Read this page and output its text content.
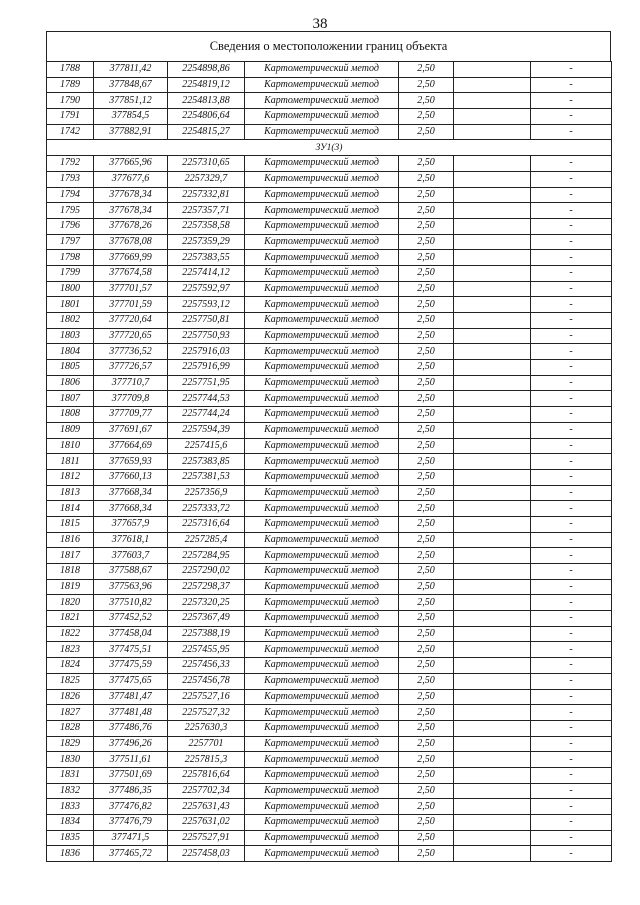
38
Сведения о местоположении границ объекта
1788	377811,42	2254898,86	Картометрический метод	2,50		-
1789	377848,67	2254819,12	Картометрический метод	2,50		-
1790	377851,12	2254813,88	Картометрический метод	2,50		-
1791	377854,5	2254806,64	Картометрический метод	2,50		-
1742	377882,91	2254815,27	Картометрический метод	2,50		-
ЗУ1(3)						
1792	377665,96	2257310,65	Картометрический метод	2,50		-
1793	377677,6	2257329,7	Картометрический метод	2,50		-
1794	377678,34	2257332,81	Картометрический метод	2,50		-
1795	377678,34	2257357,71	Картометрический метод	2,50		-
1796	377678,26	2257358,58	Картометрический метод	2,50		-
1797	377678,08	2257359,29	Картометрический метод	2,50		-
1798	377669,99	2257383,55	Картометрический метод	2,50		-
1799	377674,58	2257414,12	Картометрический метод	2,50		-
1800	377701,57	2257592,97	Картометрический метод	2,50		-
1801	377701,59	2257593,12	Картометрический метод	2,50		-
1802	377720,64	2257750,81	Картометрический метод	2,50		-
1803	377720,65	2257750,93	Картометрический метод	2,50		-
1804	377736,52	2257916,03	Картометрический метод	2,50		-
1805	377726,57	2257916,99	Картометрический метод	2,50		-
1806	377710,7	2257751,95	Картометрический метод	2,50		-
1807	377709,8	2257744,53	Картометрический метод	2,50		-
1808	377709,77	2257744,24	Картометрический метод	2,50		-
1809	377691,67	2257594,39	Картометрический метод	2,50		-
1810	377664,69	2257415,6	Картометрический метод	2,50		-
1811	377659,93	2257383,85	Картометрический метод	2,50		-
1812	377660,13	2257381,53	Картометрический метод	2,50		-
1813	377668,34	2257356,9	Картометрический метод	2,50		-
1814	377668,34	2257333,72	Картометрический метод	2,50		-
1815	377657,9	2257316,64	Картометрический метод	2,50		-
1816	377618,1	2257285,4	Картометрический метод	2,50		-
1817	377603,7	2257284,95	Картометрический метод	2,50		-
1818	377588,67	2257290,02	Картометрический метод	2,50		-
1819	377563,96	2257298,37	Картометрический метод	2,50		-
1820	377510,82	2257320,25	Картометрический метод	2,50		-
1821	377452,52	2257367,49	Картометрический метод	2,50		-
1822	377458,04	2257388,19	Картометрический метод	2,50		-
1823	377475,51	2257455,95	Картометрический метод	2,50		-
1824	377475,59	2257456,33	Картометрический метод	2,50		-
1825	377475,65	2257456,78	Картометрический метод	2,50		-
1826	377481,47	2257527,16	Картометрический метод	2,50		-
1827	377481,48	2257527,32	Картометрический метод	2,50		-
1828	377486,76	2257630,3	Картометрический метод	2,50		-
1829	377496,26	2257701	Картометрический метод	2,50		-
1830	377511,61	2257815,3	Картометрический метод	2,50		-
1831	377501,69	2257816,64	Картометрический метод	2,50		-
1832	377486,35	2257702,34	Картометрический метод	2,50		-
1833	377476,82	2257631,43	Картометрический метод	2,50		-
1834	377476,79	2257631,02	Картометрический метод	2,50		-
1835	377471,5	2257527,91	Картометрический метод	2,50		-
1836	377465,72	2257458,03	Картометрический метод	2,50		-
